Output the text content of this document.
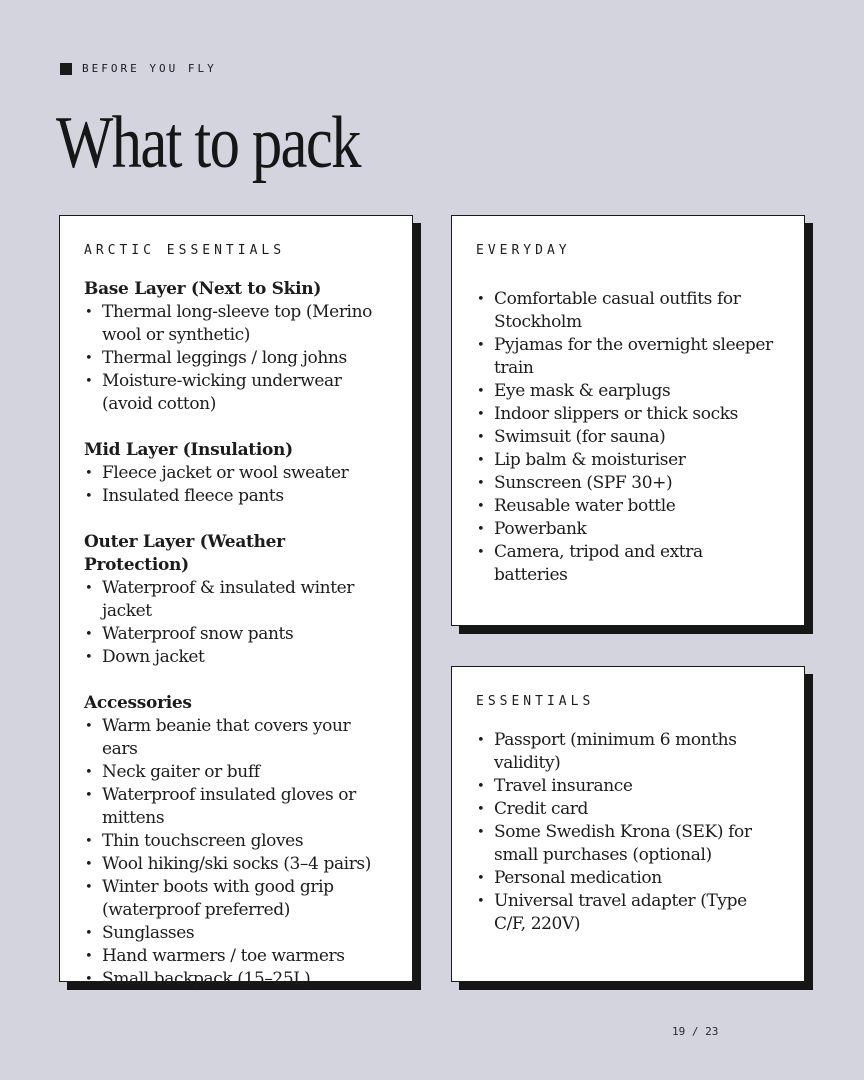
BEFORE YOU FLY
What to pack
ARCTIC ESSENTIALS

Base Layer (Next to Skin)

• Thermal long-sleeve top (Merino wool or synthetic)
• Thermal leggings / long johns
• Moisture-wicking underwear (avoid cotton)

Mid Layer (Insulation)

• Fleece jacket or wool sweater
• Insulated fleece pants

Outer Layer (Weather Protection)

• Waterproof & insulated winter jacket
• Waterproof snow pants
• Down jacket

Accessories

• Warm beanie that covers your ears
• Neck gaiter or buff
• Waterproof insulated gloves or mittens
• Thin touchscreen gloves
• Wool hiking/ski socks (3–4 pairs)
• Winter boots with good grip (waterproof preferred)
• Sunglasses
• Hand warmers / toe warmers
• Small backpack (15–25L)
EVERYDAY
• Comfortable casual outfits for Stockholm
• Pyjamas for the overnight sleeper train
• Eye mask & earplugs
• Indoor slippers or thick socks
• Swimsuit (for sauna)
• Lip balm & moisturiser
• Sunscreen (SPF 30+)
• Reusable water bottle
• Powerbank
• Camera, tripod and extra batteries
ESSENTIALS
• Passport (minimum 6 months validity)
• Travel insurance
• Credit card
• Some Swedish Krona (SEK) for small purchases (optional)
• Personal medication
• Universal travel adapter (Type C/F, 220V)
19 / 23
